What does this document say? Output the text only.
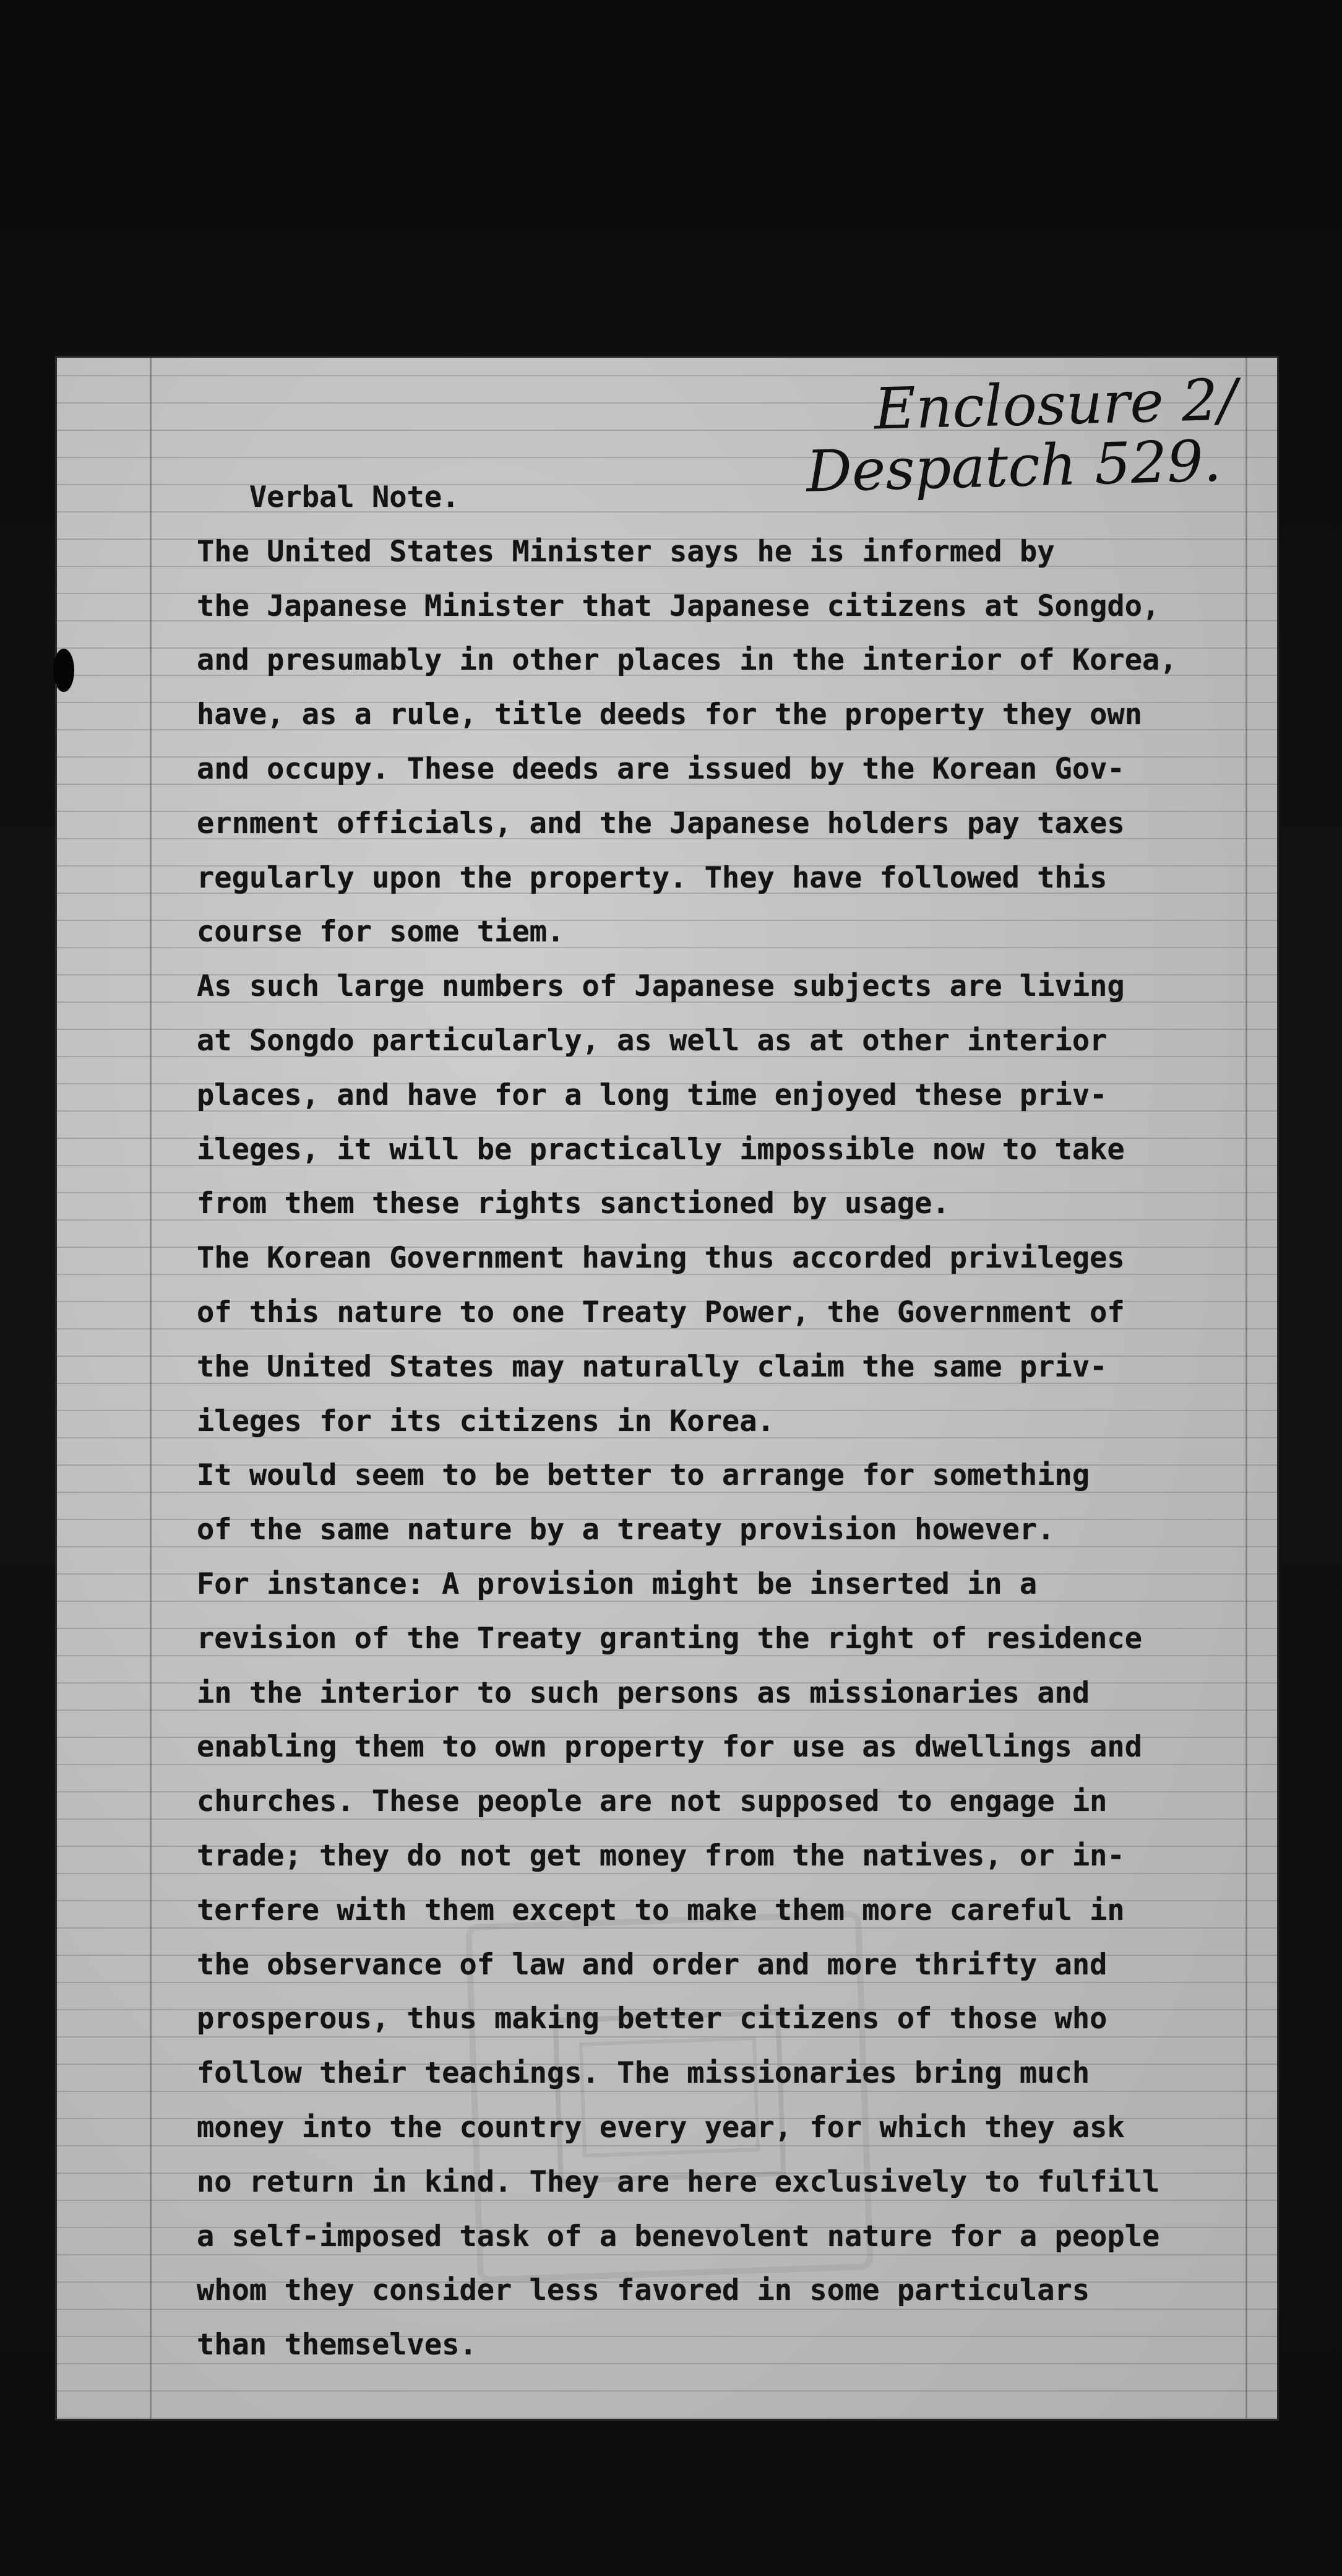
Enclosure 2/
Despatch 529.
Verbal Note.
The United States Minister says he is informed by
the Japanese Minister that Japanese citizens at Songdo,
and presumably in other places in the interior of Korea,
have, as a rule, title deeds for the property they own
and occupy. These deeds are issued by the Korean Gov-
ernment officials, and the Japanese holders pay taxes
regularly upon the property. They have followed this
course for some tiem.
As such large numbers of Japanese subjects are living
at Songdo particularly, as well as at other interior
places, and have for a long time enjoyed these priv-
ileges, it will be practically impossible now to take
from them these rights sanctioned by usage.
The Korean Government having thus accorded privileges
of this nature to one Treaty Power, the Government of
the United States may naturally claim the same priv-
ileges for its citizens in Korea.
It would seem to be better to arrange for something
of the same nature by a treaty provision however.
For instance: A provision might be inserted in a
revision of the Treaty granting the right of residence
in the interior to such persons as missionaries and
enabling them to own property for use as dwellings and
churches. These people are not supposed to engage in
trade; they do not get money from the natives, or in-
terfere with them except to make them more careful in
the observance of law and order and more thrifty and
prosperous, thus making better citizens of those who
follow their teachings. The missionaries bring much
money into the country every year, for which they ask
no return in kind. They are here exclusively to fulfill
a self-imposed task of a benevolent nature for a people
whom they consider less favored in some particulars
than themselves.
